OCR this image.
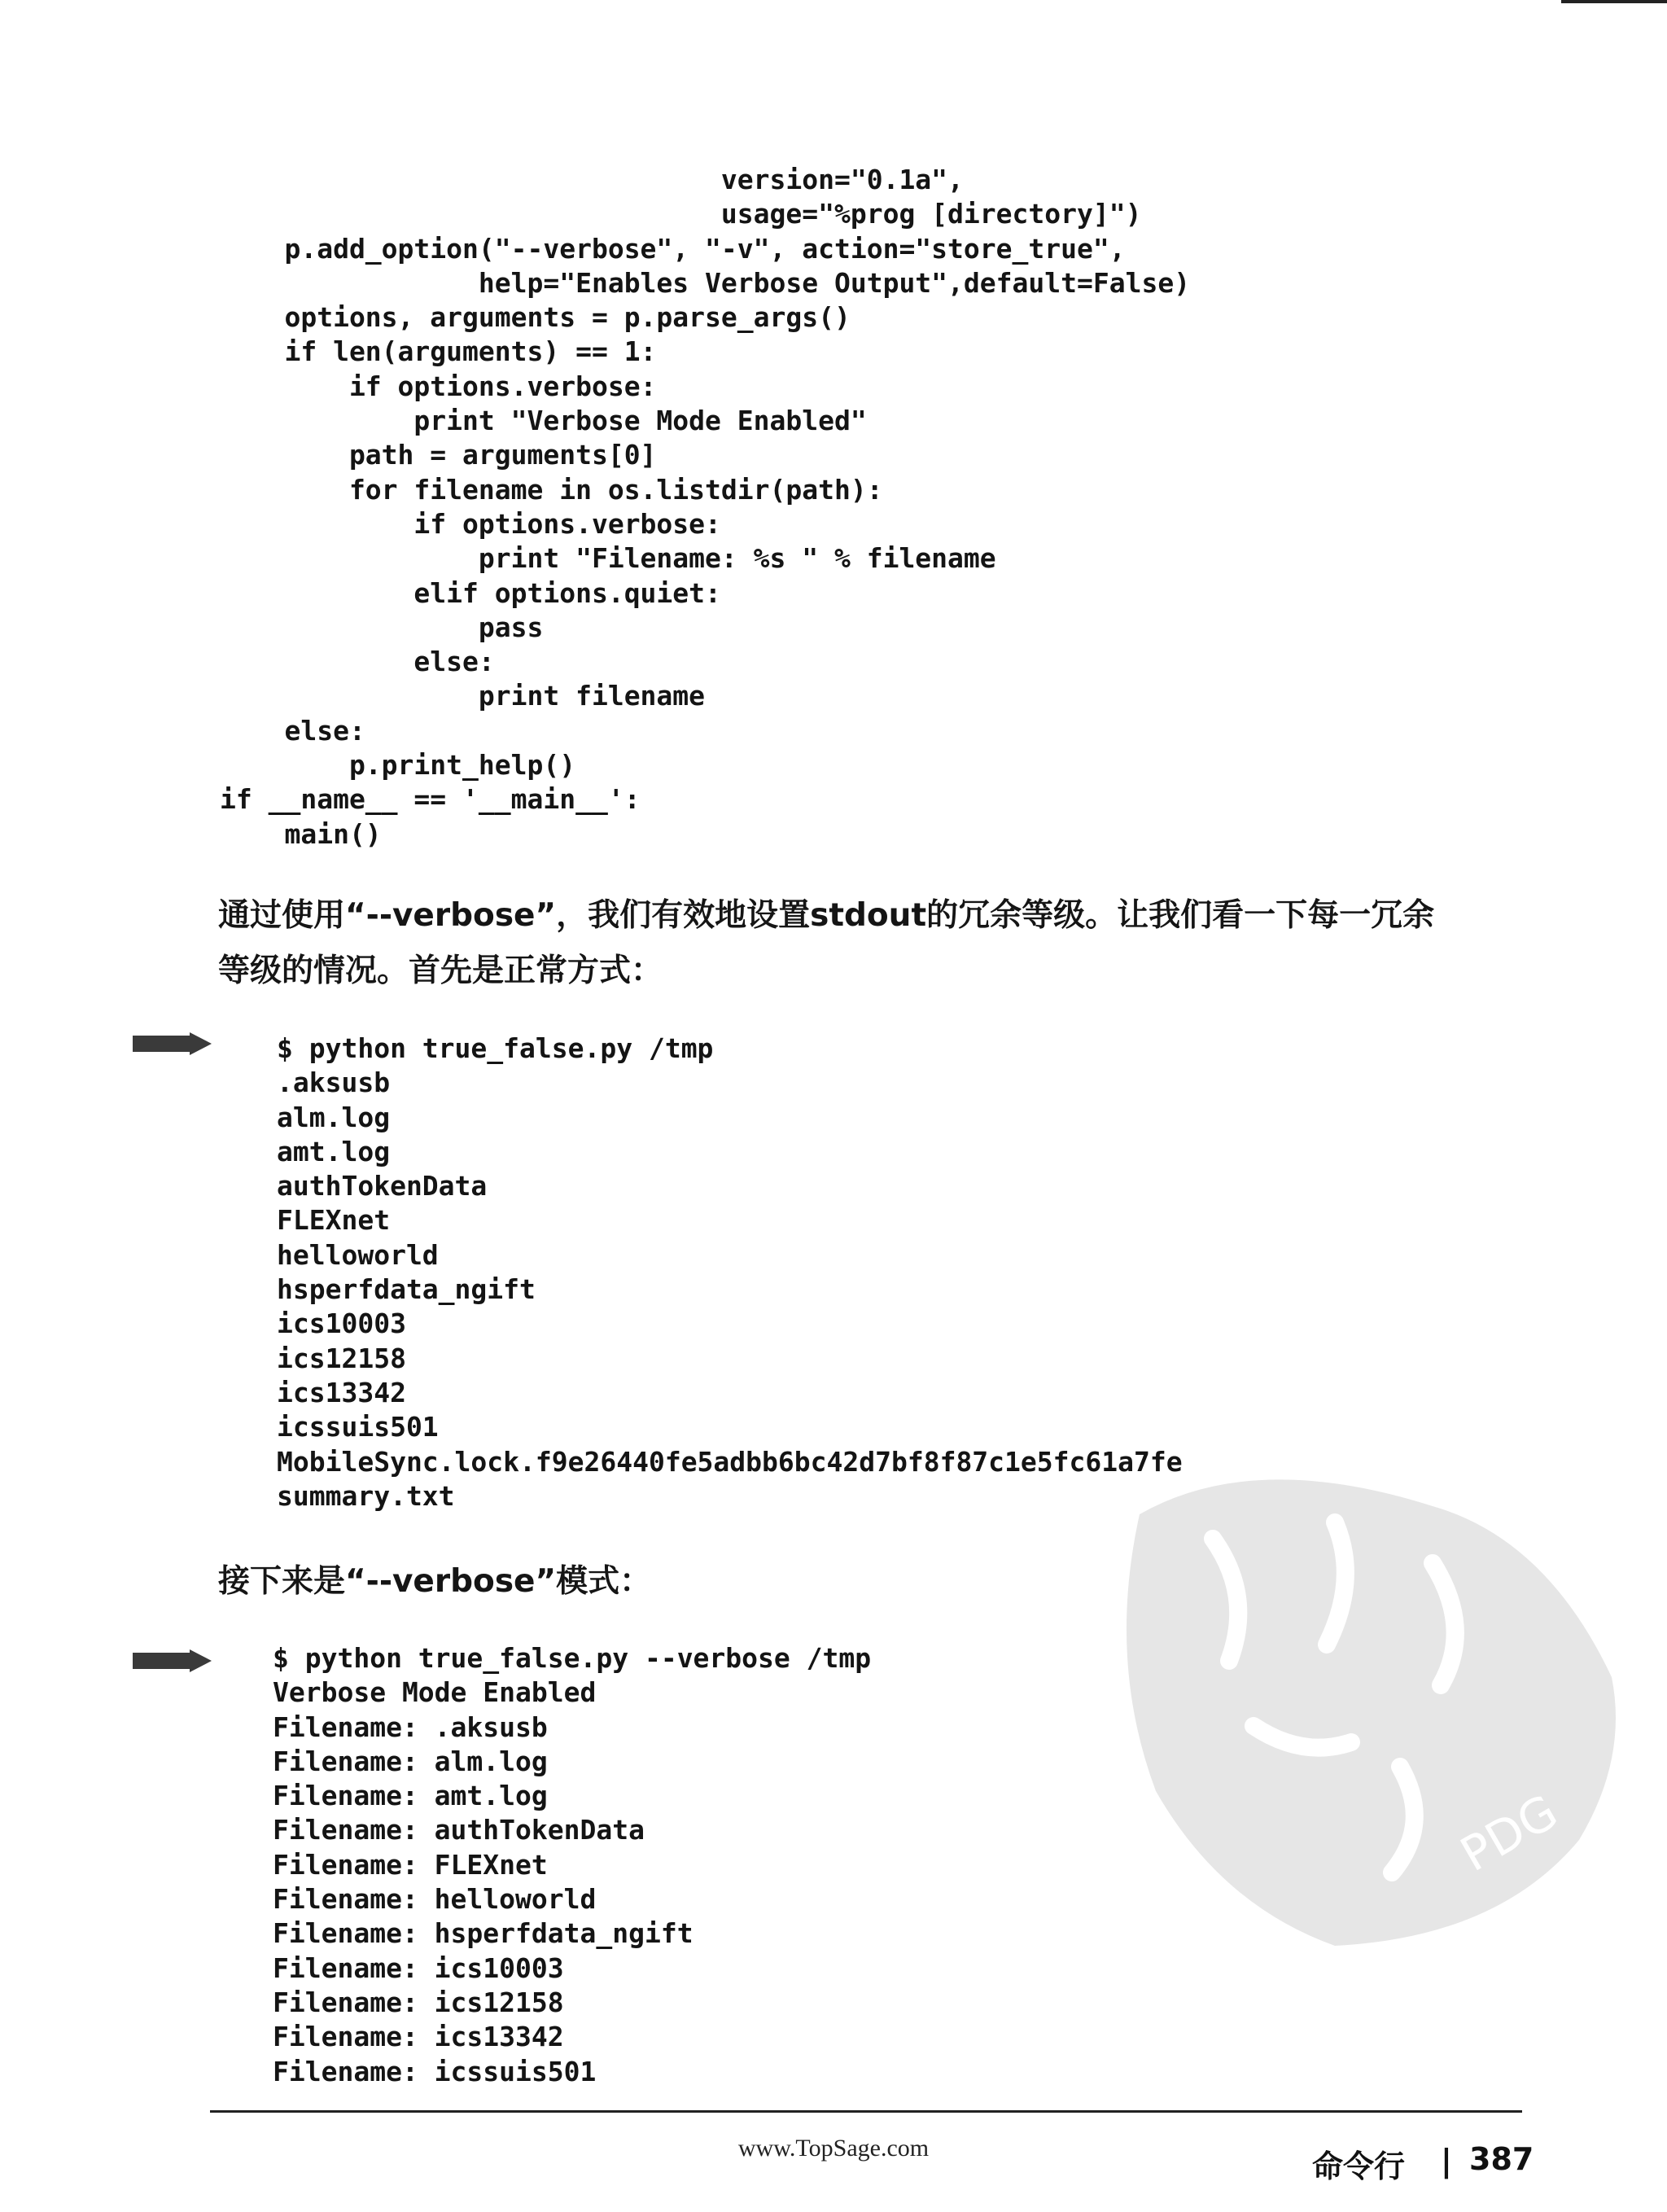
version="0.1a",
usage="%prog [directory]")
p.add_option("--verbose", "-v", action="store_true",
help="Enables Verbose Output",default=False)
options, arguments = p.parse_args()
if len(arguments) == 1:
if options.verbose:
print "Verbose Mode Enabled"
path = arguments[0]
for filename in os.listdir(path):
if options.verbose:
print "Filename: %s " % filename
elif options.quiet:
pass
else:
print filename
else:
p.print_help()
if __name__ == '__main__':
main()

通过使用“--verbose”，我们有效地设置stdout的冗余等级。让我们看一下每一冗余

等级的情况。首先是正常方式：

$ python true_false.py /tmp
.aksusb
alm.log
amt.log
authTokenData
FLEXnet
helloworld
hsperfdata_ngift
ics10003
ics12158
ics13342
icssuis501
MobileSync.lock.f9e26440fe5adbb6bc42d7bf8f87c1e5fc61a7fe
summary.txt

接下来是“--verbose”模式：

$ python true_false.py --verbose /tmp
Verbose Mode Enabled
Filename: .aksusb
Filename: alm.log
Filename: amt.log
Filename: authTokenData
Filename: FLEXnet
Filename: helloworld
Filename: hsperfdata_ngift
Filename: ics10003
Filename: ics12158
Filename: ics13342
Filename: icssuis501
PDG
www.TopSage.com
命令行 | 387
